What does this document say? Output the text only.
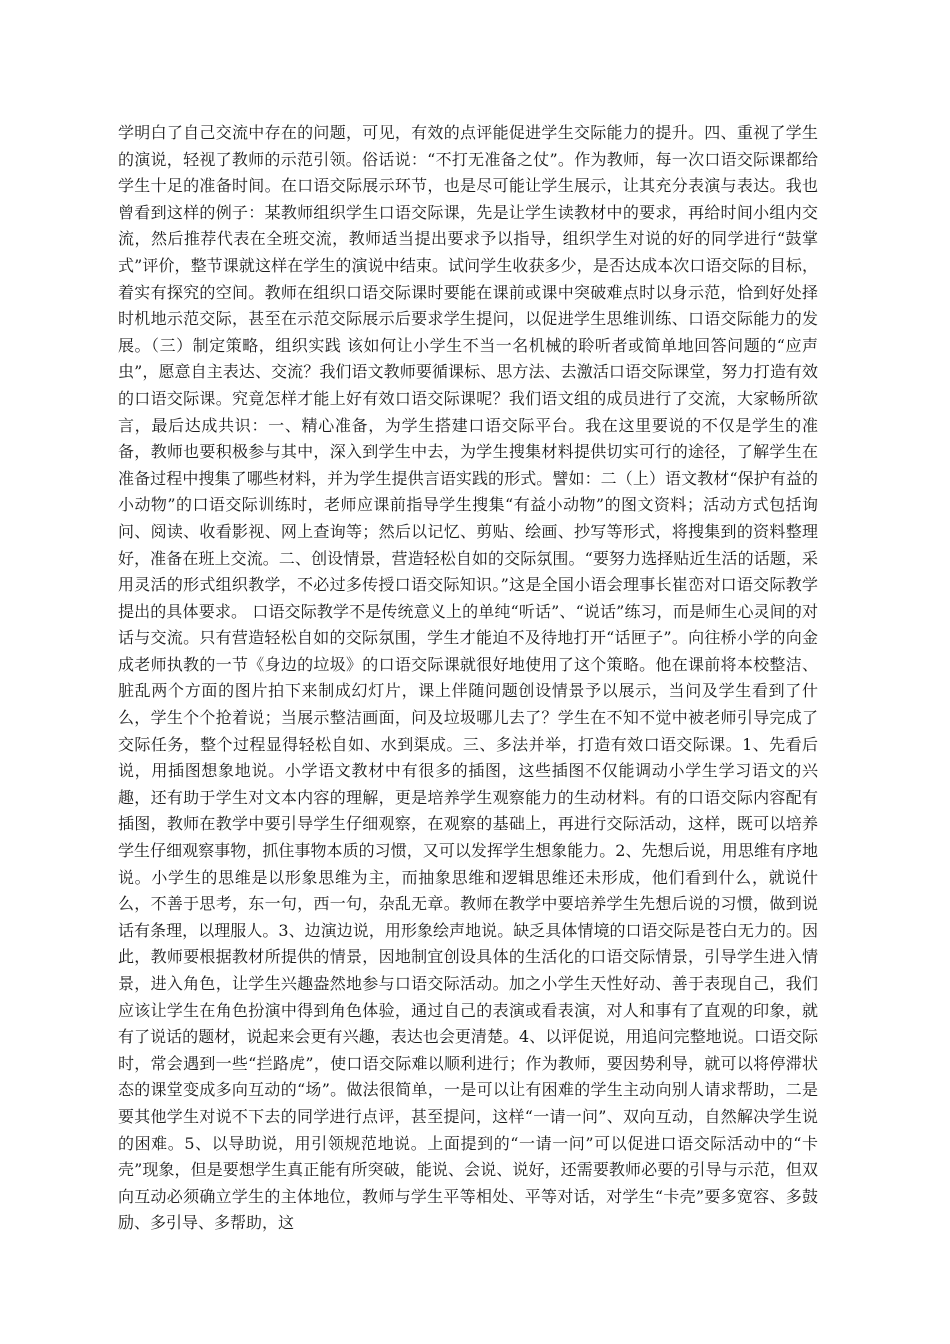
学明白了自己交流中存在的问题，可见，有效的点评能促进学生交际能力的提升。四、重视了学生的演说，轻视了教师的示范引领。俗话说：“不打无准备之仗”。作为教师，每一次口语交际课都给学生十足的准备时间。在口语交际展示环节，也是尽可能让学生展示，让其充分表演与表达。我也曾看到这样的例子：某教师组织学生口语交际课，先是让学生读教材中的要求，再给时间小组内交流，然后推荐代表在全班交流，教师适当提出要求予以指导，组织学生对说的好的同学进行“鼓掌式”评价，整节课就这样在学生的演说中结束。试问学生收获多少，是否达成本次口语交际的目标，着实有探究的空间。教师在组织口语交际课时要能在课前或课中突破难点时以身示范，恰到好处择时机地示范交际，甚至在示范交际展示后要求学生提问，以促进学生思维训练、口语交际能力的发展。（三）制定策略，组织实践 该如何让小学生不当一名机械的聆听者或简单地回答问题的“应声虫”，愿意自主表达、交流？我们语文教师要循课标、思方法、去激活口语交际课堂，努力打造有效的口语交际课。究竟怎样才能上好有效口语交际课呢？我们语文组的成员进行了交流，大家畅所欲言，最后达成共识：一、精心准备，为学生搭建口语交际平台。我在这里要说的不仅是学生的准备，教师也要积极参与其中，深入到学生中去，为学生搜集材料提供切实可行的途径，了解学生在准备过程中搜集了哪些材料，并为学生提供言语实践的形式。譬如：二（上）语文教材“保护有益的小动物”的口语交际训练时，老师应课前指导学生搜集“有益小动物”的图文资料；活动方式包括询问、阅读、收看影视、网上查询等；然后以记忆、剪贴、绘画、抄写等形式，将搜集到的资料整理好，准备在班上交流。二、创设情景，营造轻松自如的交际氛围。“要努力选择贴近生活的话题，采用灵活的形式组织教学，不必过多传授口语交际知识。”这是全国小语会理事长崔峦对口语交际教学提出的具体要求。 口语交际教学不是传统意义上的单纯“听话”、“说话”练习，而是师生心灵间的对话与交流。只有营造轻松自如的交际氛围，学生才能迫不及待地打开“话匣子”。向往桥小学的向金成老师执教的一节《身边的垃圾》的口语交际课就很好地使用了这个策略。他在课前将本校整洁、脏乱两个方面的图片拍下来制成幻灯片，课上伴随问题创设情景予以展示，当问及学生看到了什么，学生个个抢着说；当展示整洁画面，问及垃圾哪儿去了？学生在不知不觉中被老师引导完成了交际任务，整个过程显得轻松自如、水到渠成。三、多法并举，打造有效口语交际课。1、先看后说，用插图想象地说。小学语文教材中有很多的插图，这些插图不仅能调动小学生学习语文的兴趣，还有助于学生对文本内容的理解，更是培养学生观察能力的生动材料。有的口语交际内容配有插图，教师在教学中要引导学生仔细观察，在观察的基础上，再进行交际活动，这样，既可以培养学生仔细观察事物，抓住事物本质的习惯，又可以发挥学生想象能力。2、先想后说，用思维有序地说。小学生的思维是以形象思维为主，而抽象思维和逻辑思维还未形成，他们看到什么，就说什么，不善于思考，东一句，西一句，杂乱无章。教师在教学中要培养学生先想后说的习惯，做到说话有条理，以理服人。3、边演边说，用形象绘声地说。缺乏具体情境的口语交际是苍白无力的。因此，教师要根据教材所提供的情景，因地制宜创设具体的生活化的口语交际情景，引导学生进入情景，进入角色，让学生兴趣盎然地参与口语交际活动。加之小学生天性好动、善于表现自己，我们应该让学生在角色扮演中得到角色体验，通过自己的表演或看表演，对人和事有了直观的印象，就有了说话的题材，说起来会更有兴趣，表达也会更清楚。4、以评促说，用追问完整地说。口语交际时，常会遇到一些“拦路虎”，使口语交际难以顺利进行；作为教师，要因势利导，就可以将停滞状态的课堂变成多向互动的“场”。做法很简单，一是可以让有困难的学生主动向别人请求帮助，二是要其他学生对说不下去的同学进行点评，甚至提问，这样“一请一问”、双向互动，自然解决学生说的困难。5、以导助说，用引领规范地说。上面提到的“一请一问”可以促进口语交际活动中的“卡壳”现象，但是要想学生真正能有所突破，能说、会说、说好，还需要教师必要的引导与示范，但双向互动必须确立学生的主体地位，教师与学生平等相处、平等对话，对学生“卡壳”要多宽容、多鼓励、多引导、多帮助，这
